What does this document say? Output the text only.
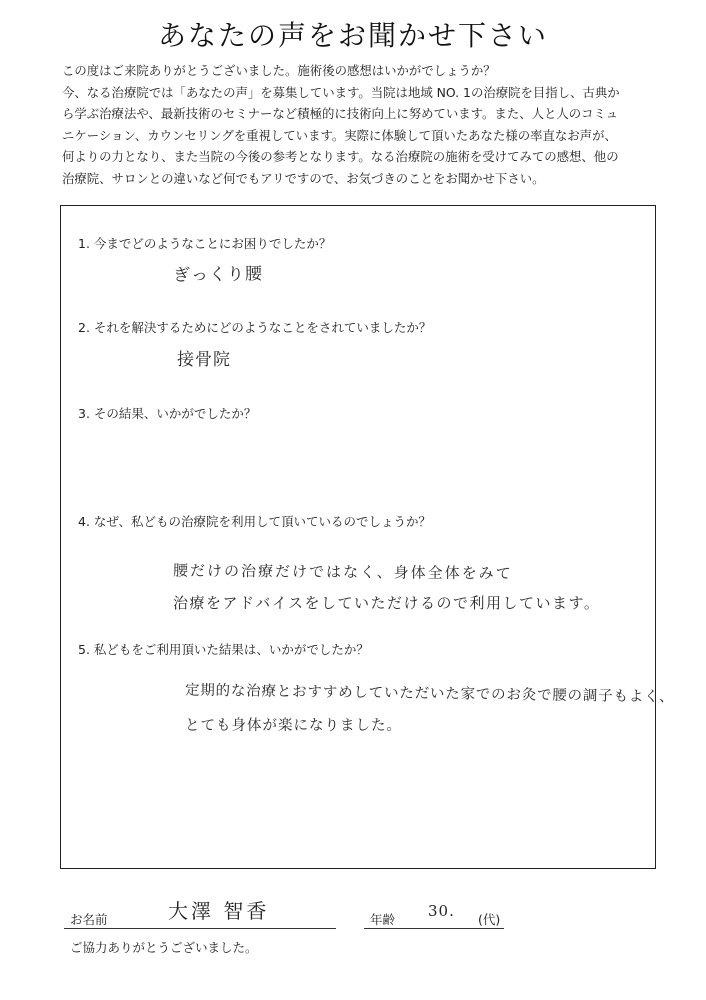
あなたの声をお聞かせ下さい
この度はご来院ありがとうございました。施術後の感想はいかがでしょうか？
今、なる治療院では「あなたの声」を募集しています。当院は地域 NO. 1の治療院を目指し、古典か
ら学ぶ治療法や、最新技術のセミナーなど積極的に技術向上に努めています。また、人と人のコミュ
ニケーション、カウンセリングを重視しています。実際に体験して頂いたあなた様の率直なお声が、
何よりの力となり、また当院の今後の参考となります。なる治療院の施術を受けてみての感想、他の
治療院、サロンとの違いなど何でもアリですので、お気づきのことをお聞かせ下さい。
1. 今までどのようなことにお困りでしたか？
ぎっくり腰
2. それを解決するためにどのようなことをされていましたか？
接骨院
3. その結果、いかがでしたか？
4. なぜ、私どもの治療院を利用して頂いているのでしょうか？
腰だけの治療だけではなく、身体全体をみて
治療をアドバイスをしていただけるので利用しています。
5. 私どもをご利用頂いた結果は、いかがでしたか？
定期的な治療とおすすめしていただいた家でのお灸で腰の調子もよく、
とても身体が楽になりました。
お名前	大澤 智香	年齢 30. (代)
ご協力ありがとうございました。
